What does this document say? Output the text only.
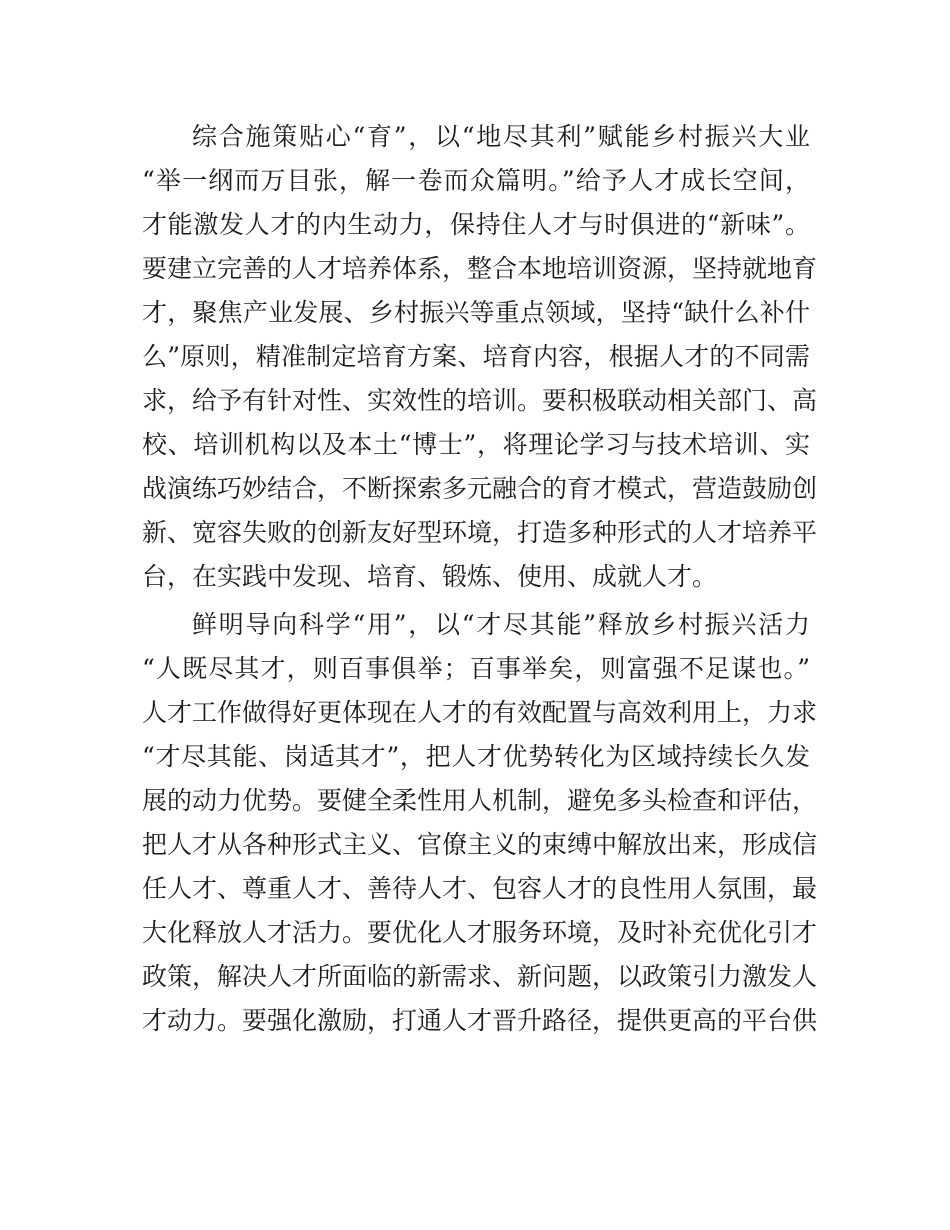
综合施策贴心“育”，以“地尽其利”赋能乡村振兴大业
“举一纲而万目张，解一卷而众篇明。”给予人才成长空间，
才能激发人才的内生动力，保持住人才与时俱进的“新味”。
要建立完善的人才培养体系，整合本地培训资源，坚持就地育
才，聚焦产业发展、乡村振兴等重点领域，坚持“缺什么补什
么”原则，精准制定培育方案、培育内容，根据人才的不同需
求，给予有针对性、实效性的培训。要积极联动相关部门、高
校、培训机构以及本土“博士”，将理论学习与技术培训、实
战演练巧妙结合，不断探索多元融合的育才模式，营造鼓励创
新、宽容失败的创新友好型环境，打造多种形式的人才培养平
台，在实践中发现、培育、锻炼、使用、成就人才。
鲜明导向科学“用”，以“才尽其能”释放乡村振兴活力
“人既尽其才，则百事俱举；百事举矣，则富强不足谋也。”
人才工作做得好更体现在人才的有效配置与高效利用上，力求
“才尽其能、岗适其才”，把人才优势转化为区域持续长久发
展的动力优势。要健全柔性用人机制，避免多头检查和评估，
把人才从各种形式主义、官僚主义的束缚中解放出来，形成信
任人才、尊重人才、善待人才、包容人才的良性用人氛围，最
大化释放人才活力。要优化人才服务环境，及时补充优化引才
政策，解决人才所面临的新需求、新问题，以政策引力激发人
才动力。要强化激励，打通人才晋升路径，提供更高的平台供
